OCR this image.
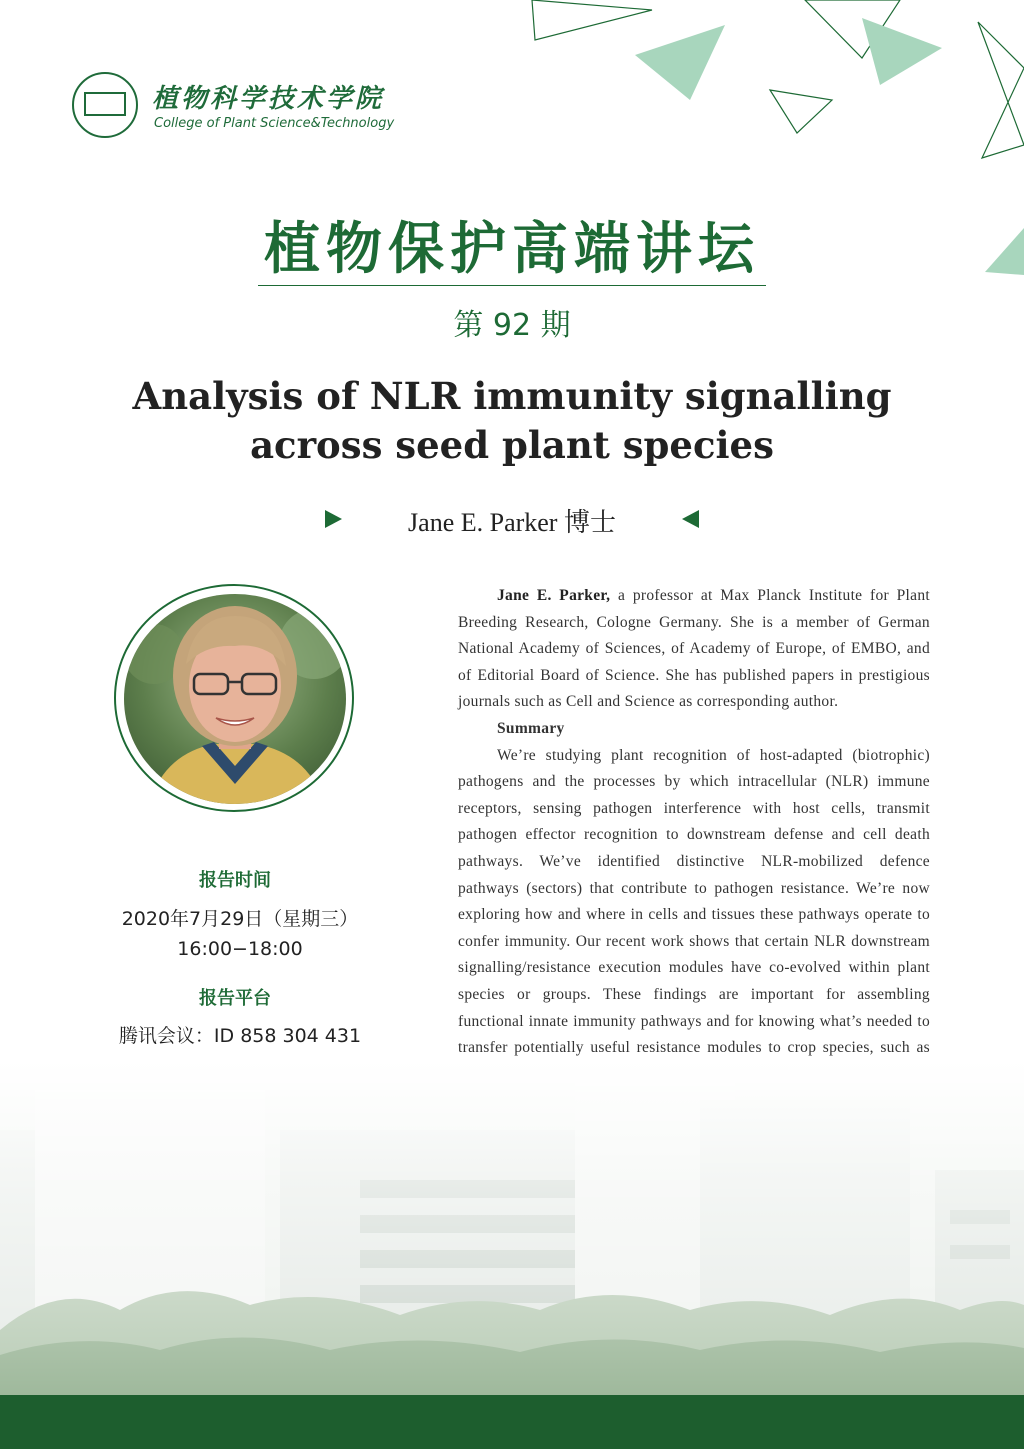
植物科学技术学院
College of Plant Science&Technology
植物保护高端讲坛
第 92 期
Analysis of NLR immunity signalling
across seed plant species
Jane E. Parker 博士
报告时间
2020年7月29日（星期三）
16:00−18:00
报告平台
腾讯会议：ID 858 304 431

Jane E. Parker, a professor at Max Planck Institute for Plant Breeding Research, Cologne Germany. She is a member of German National Academy of Sciences, of Academy of Europe, of EMBO, and of Editorial Board of Science. She has published papers in prestigious journals such as Cell and Science as corresponding author.

Summary

We’re studying plant recognition of host-adapted (biotrophic) pathogens and the processes by which intracellular (NLR) immune receptors, sensing pathogen interference with host cells, transmit pathogen effector recognition to downstream defense and cell death pathways. We’ve identified distinctive NLR-mobilized defence pathways (sectors) that contribute to pathogen resistance. We’re now exploring how and where in cells and tissues these pathways operate to confer immunity. Our recent work shows that certain NLR downstream signalling/resistance execution modules have co-evolved within plant species or groups. These findings are important for assembling functional innate immunity pathways and for knowing what’s needed to transfer potentially useful resistance modules to crop species, such as
